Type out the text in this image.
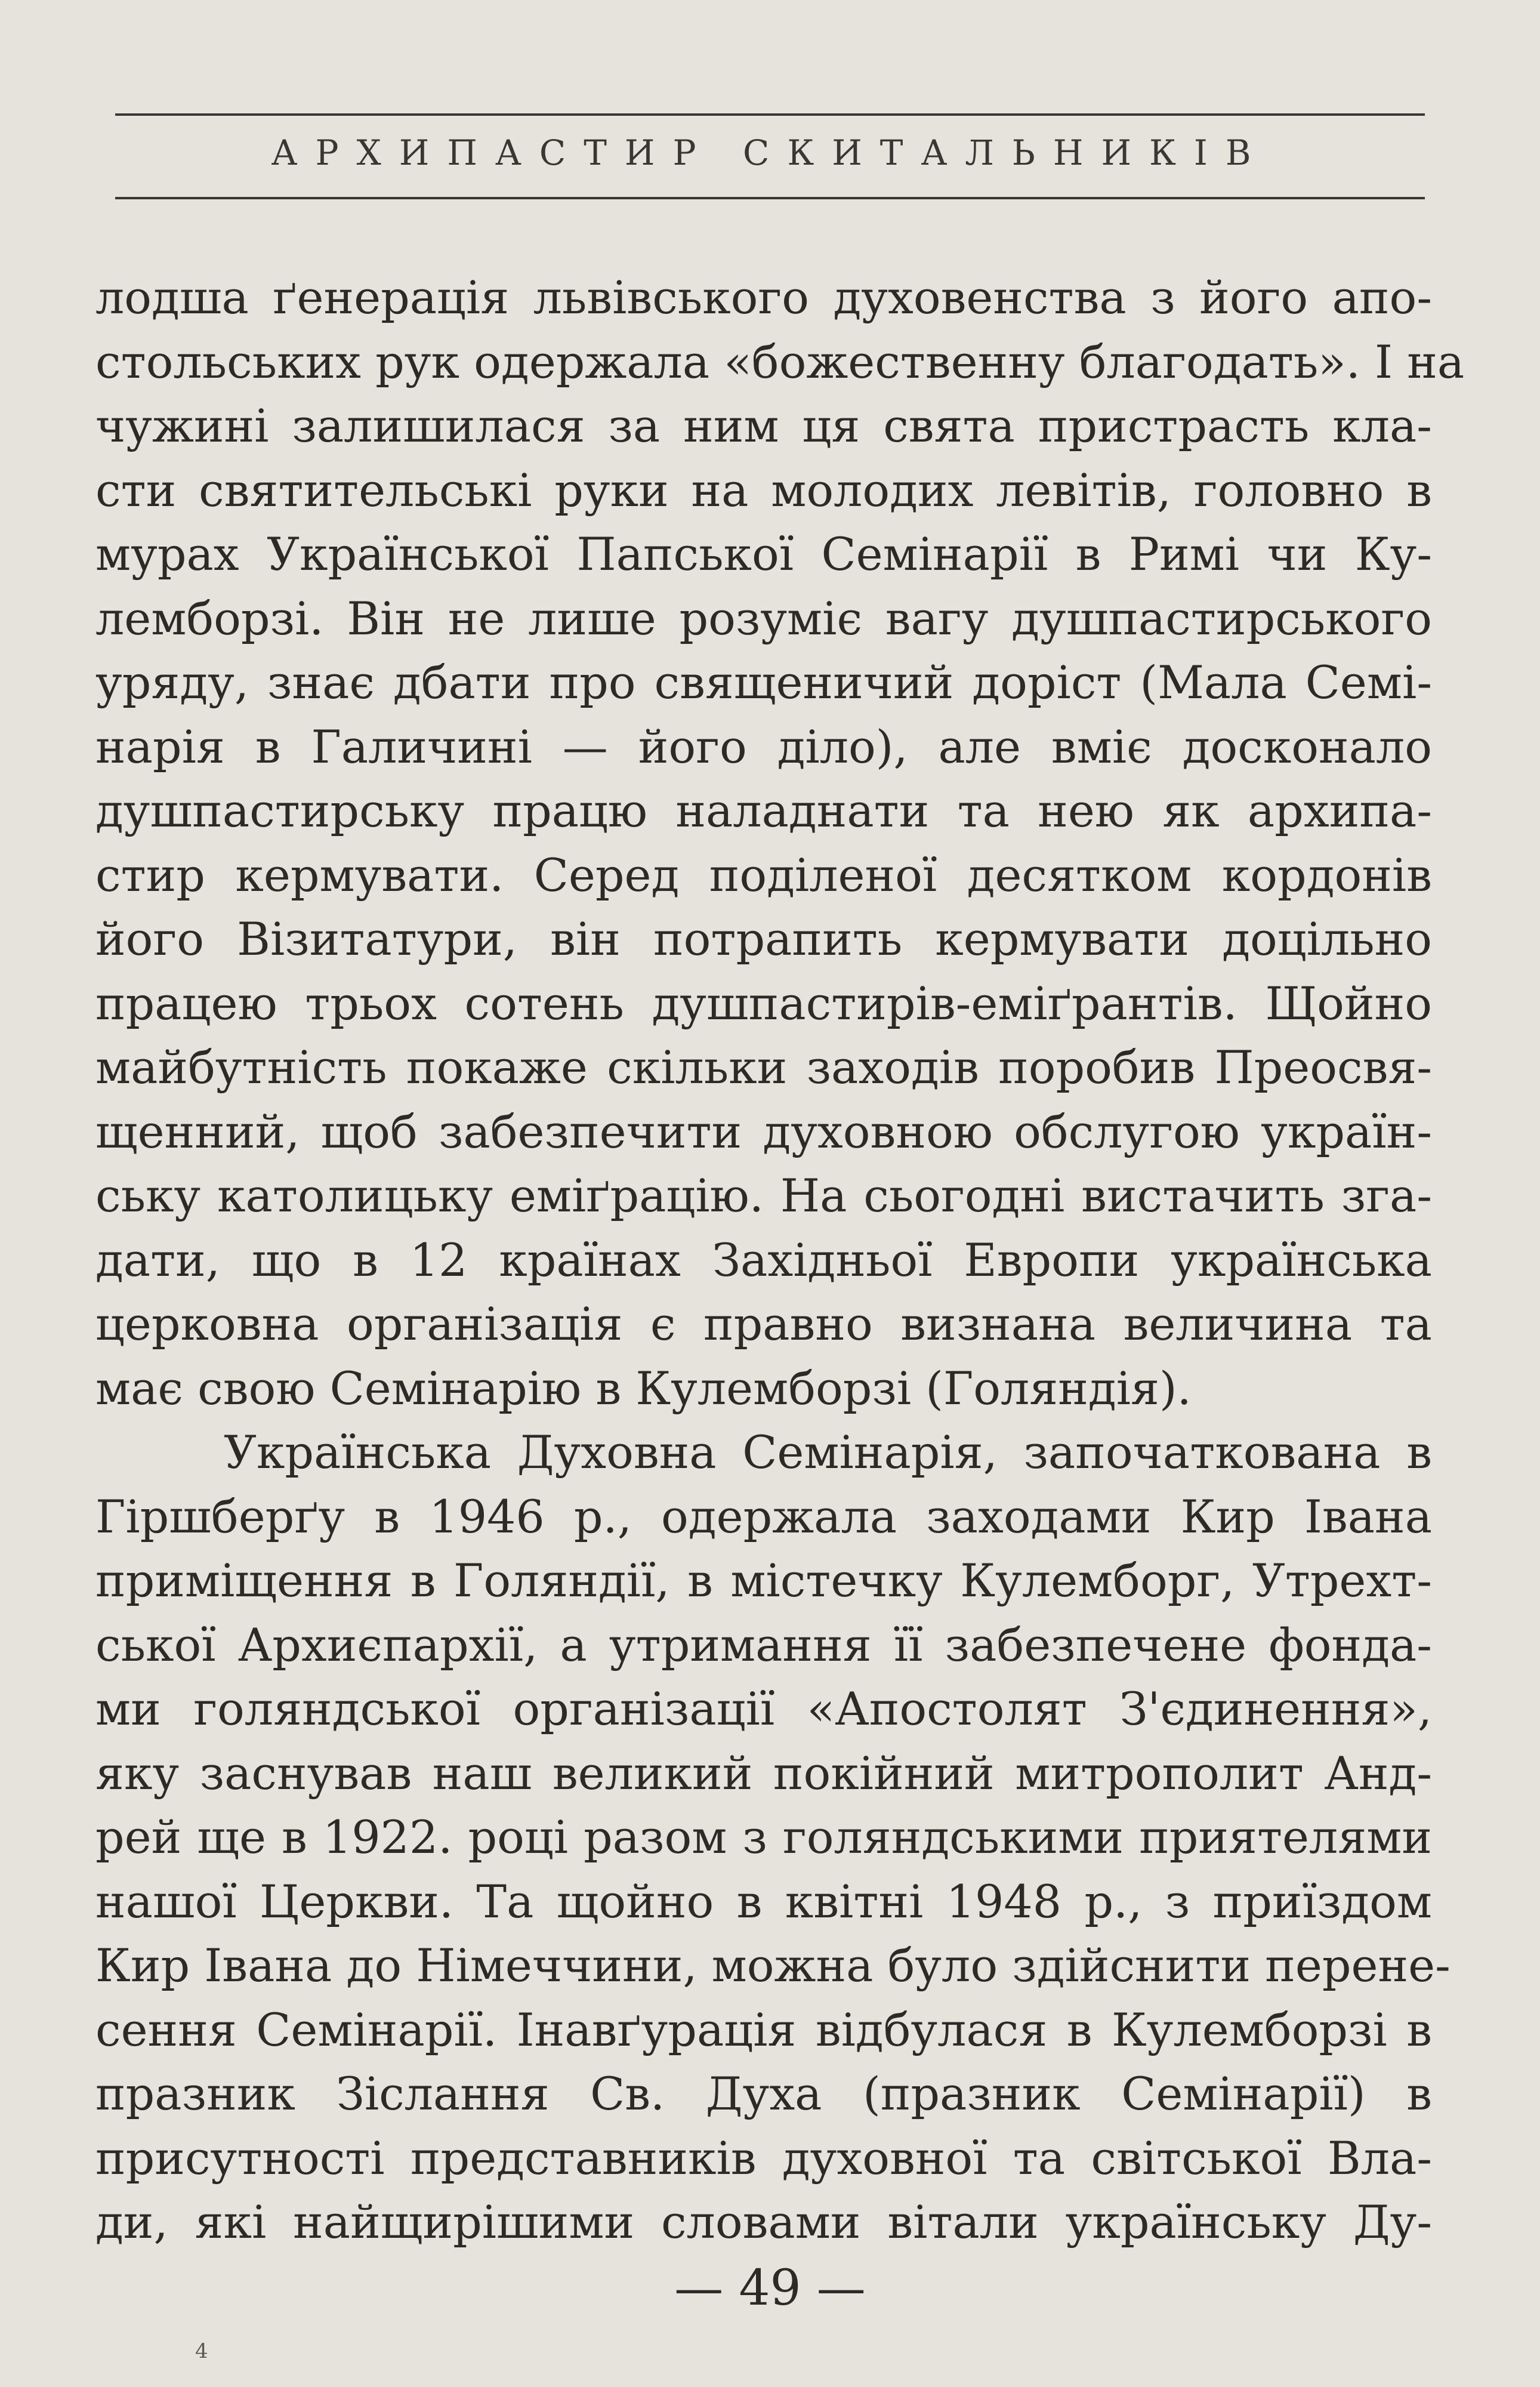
АРХИПАСТИР СКИТАЛЬНИКІВ
лодша ґенерація львівського духовенства з його апо-
стольських рук одержала «божественну благодать». І на
чужині залишилася за ним ця свята пристрасть кла-
сти святительські руки на молодих левітів, головно в
мурах Української Папської Семінарії в Римі чи Ку-
лемборзі. Він не лише розуміє вагу душпастирського
уряду, знає дбати про священичий доріст (Мала Семі-
нарія в Галичині — його діло), але вміє досконало
душпастирську працю наладнати та нею як архипа-
стир кермувати. Серед поділеної десятком кордонів
його Візитатури, він потрапить кермувати доцільно
працею трьох сотень душпастирів-еміґрантів. Щойно
майбутність покаже скільки заходів поробив Преосвя-
щенний, щоб забезпечити духовною обслугою україн-
ську католицьку еміґрацію. На сьогодні вистачить зга-
дати, що в 12 країнах Західньої Европи українська
церковна організація є правно визнана величина та
має свою Семінарію в Кулемборзі (Голяндія).
Українська Духовна Семінарія, започаткована в
Гіршберґу в 1946 р., одержала заходами Кир Івана
приміщення в Голяндії, в містечку Кулемборг, Утрехт-
ської Архиєпархії, а утримання її забезпечене фонда-
ми голяндської організації «Апостолят З'єдинення»,
яку заснував наш великий покійний митрополит Анд-
рей ще в 1922. році разом з голяндськими приятелями
нашої Церкви. Та щойно в квітні 1948 р., з приїздом
Кир Івана до Німеччини, можна було здійснити перене-
сення Семінарії. Інавґурація відбулася в Кулемборзі в
празник Зіслання Св. Духа (празник Семінарії) в
присутності представників духовної та світської Вла-
ди, які найщирішими словами вітали українську Ду-
— 49 —
4
